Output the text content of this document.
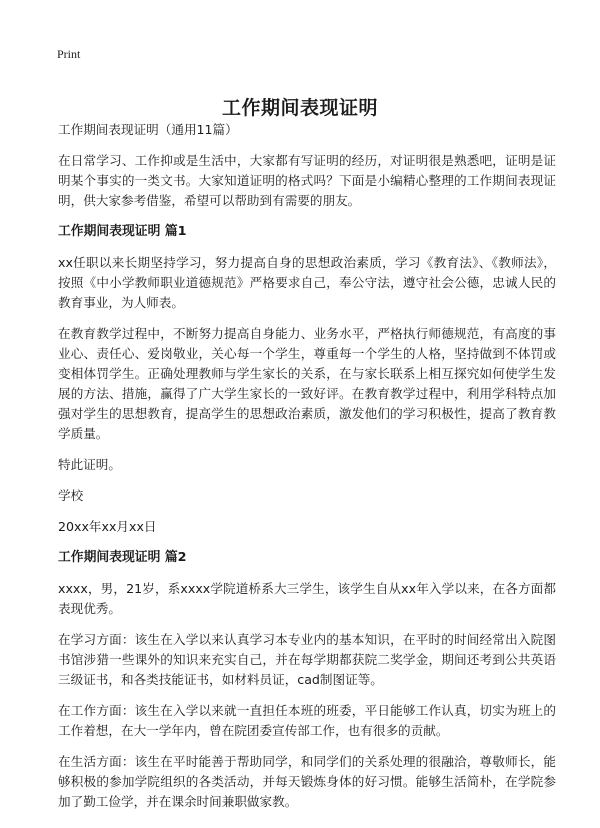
Print
工作期间表现证明

工作期间表现证明（通用11篇）

在日常学习、工作抑或是生活中，大家都有写证明的经历，对证明很是熟悉吧，证明是证明某个事实的一类文书。大家知道证明的格式吗？下面是小编精心整理的工作期间表现证明，供大家参考借鉴，希望可以帮助到有需要的朋友。

工作期间表现证明 篇1

xx任职以来长期坚持学习，努力提高自身的思想政治素质，学习《教育法》、《教师法》，按照《中小学教师职业道德规范》严格要求自己，奉公守法，遵守社会公德，忠诚人民的教育事业，为人师表。

在教育教学过程中，不断努力提高自身能力、业务水平，严格执行师德规范，有高度的事业心、责任心、爱岗敬业，关心每一个学生，尊重每一个学生的人格，坚持做到不体罚或变相体罚学生。正确处理教师与学生家长的关系，在与家长联系上相互探究如何使学生发展的方法、措施，赢得了广大学生家长的一致好评。在教育教学过程中，利用学科特点加强对学生的思想教育，提高学生的思想政治素质，激发他们的学习积极性，提高了教育教学质量。

特此证明。

学校

20xx年xx月xx日

工作期间表现证明 篇2

xxxx，男，21岁，系xxxx学院道桥系大三学生，该学生自从xx年入学以来，在各方面都表现优秀。

在学习方面：该生在入学以来认真学习本专业内的基本知识，在平时的时间经常出入院图书馆涉猎一些课外的知识来充实自己，并在每学期都获院二奖学金，期间还考到公共英语三级证书，和各类技能证书，如材料员证，cad制图证等。

在工作方面：该生在入学以来就一直担任本班的班委，平日能够工作认真，切实为班上的工作着想，在大一学年内，曾在院团委宣传部工作，也有很多的贡献。

在生活方面：该生在平时能善于帮助同学，和同学们的关系处理的很融洽，尊敬师长，能够积极的参加学院组织的各类活动，并每天锻炼身体的好习惯。能够生活简朴，在学院参加了勤工俭学，并在课余时间兼职做家教。
